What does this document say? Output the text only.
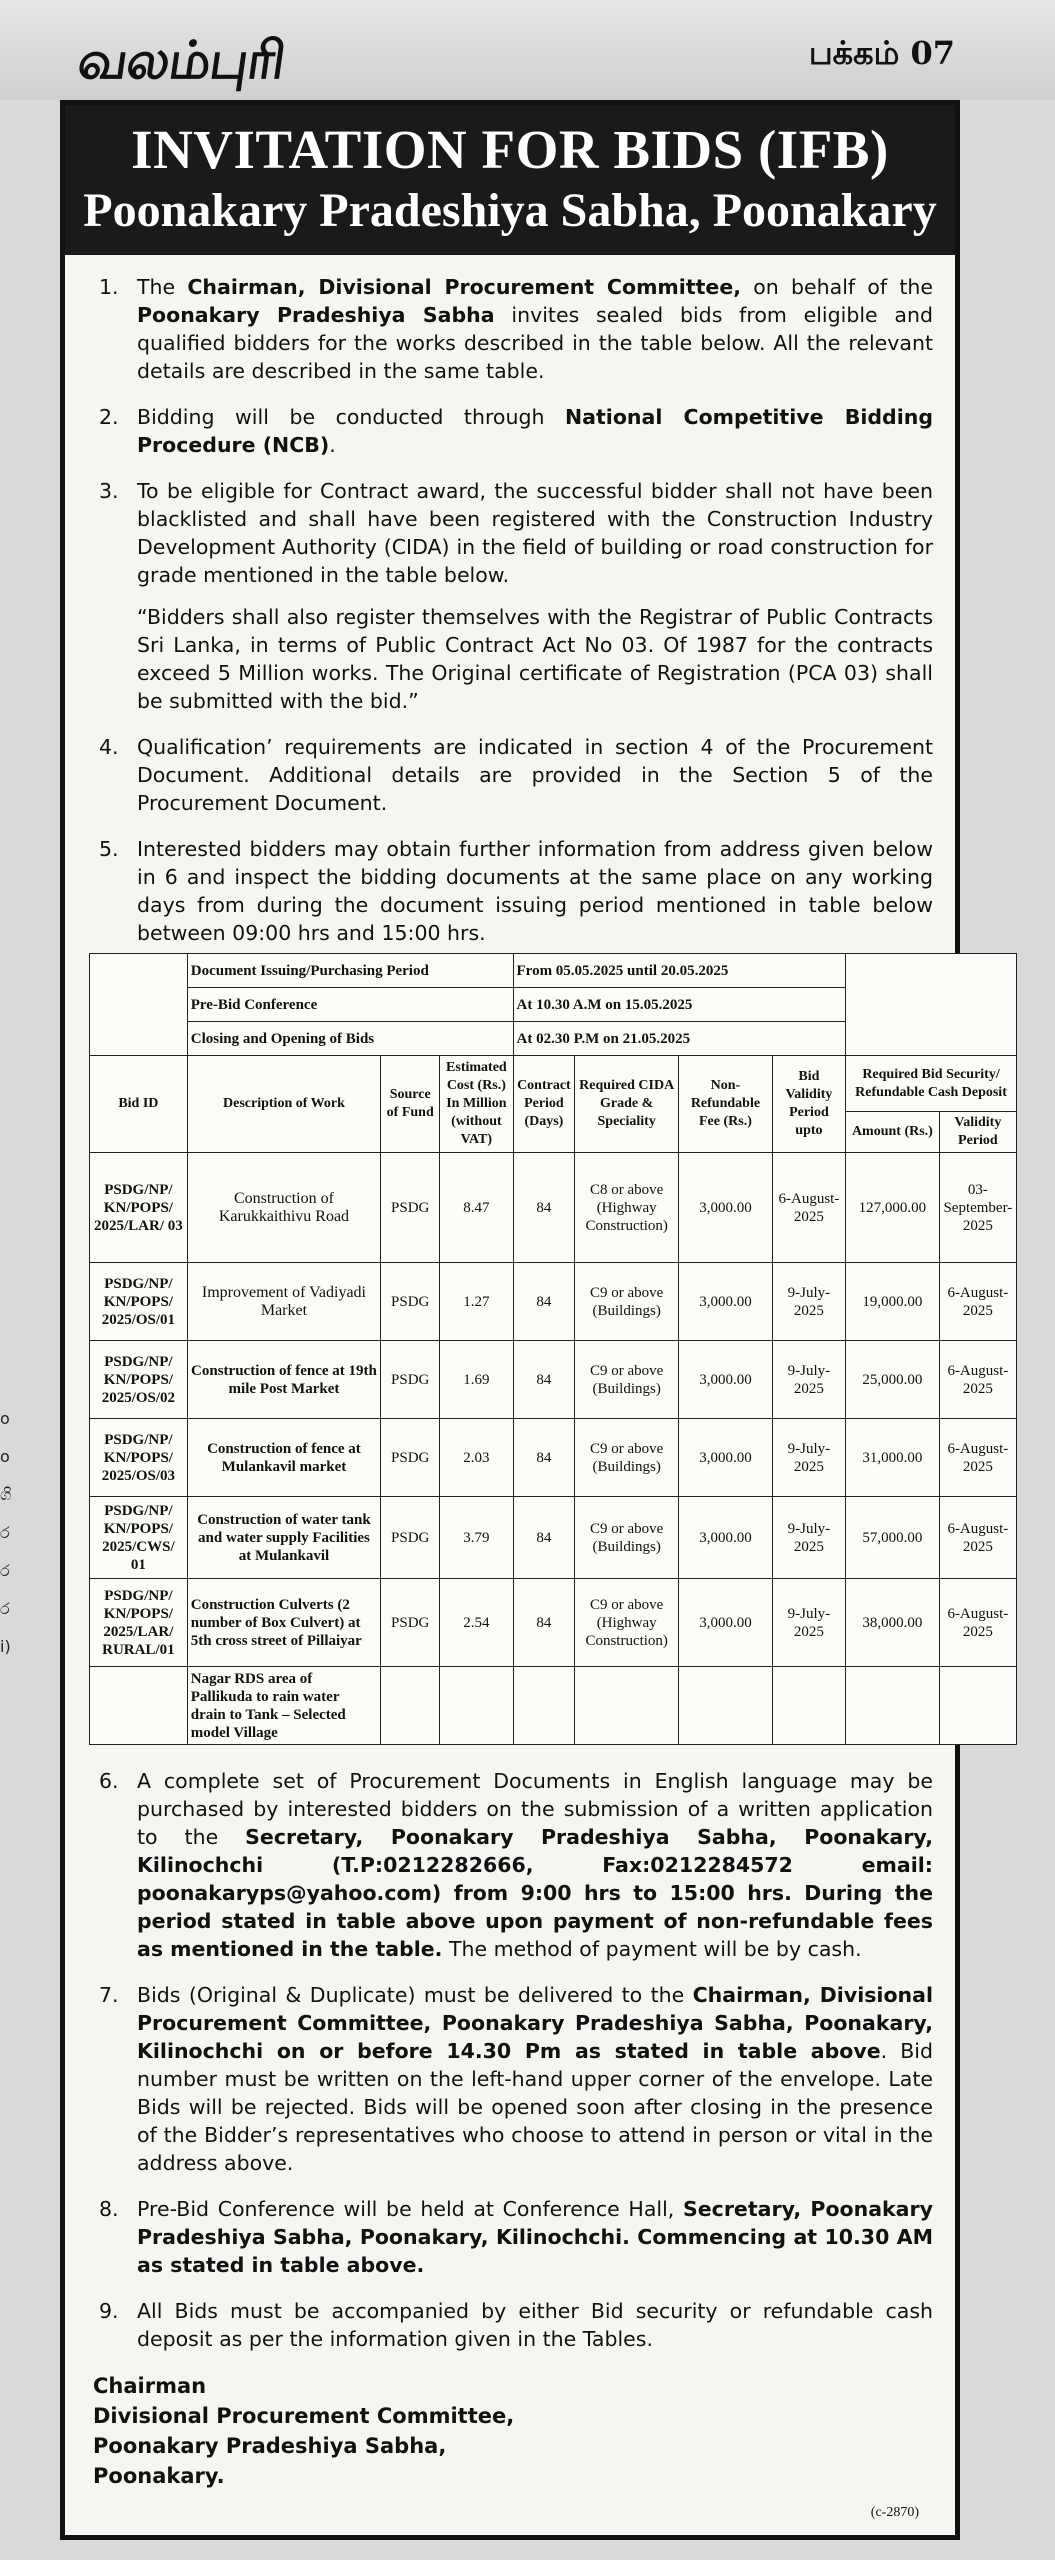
வலம்புரி	பக்கம் 07
o
o
ගි
ර
ර
ර
i)
INVITATION FOR BIDS (IFB)
Poonakary Pradeshiya Sabha, Poonakary
1. The Chairman, Divisional Procurement Committee, on behalf of the Poonakary Pradeshiya Sabha invites sealed bids from eligible and qualified bidders for the works described in the table below. All the relevant details are described in the same table.
2. Bidding will be conducted through National Competitive Bidding Procedure (NCB).
3. To be eligible for Contract award, the successful bidder shall not have been blacklisted and shall have been registered with the Construction Industry Development Authority (CIDA) in the field of building or road construction for grade mentioned in the table below.
“Bidders shall also register themselves with the Registrar of Public Contracts Sri Lanka, in terms of Public Contract Act No 03. Of 1987 for the contracts exceed 5 Million works. The Original certificate of Registration (PCA 03) shall be submitted with the bid.”
4. Qualification’ requirements are indicated in section 4 of the Procurement Document. Additional details are provided in the Section 5 of the Procurement Document.
5. Interested bidders may obtain further information from address given below in 6 and inspect the bidding documents at the same place on any working days from during the document issuing period mentioned in table below between 09:00 hrs and 15:00 hrs.
	Document Issuing/Purchasing Period			From 05.05.2025 until 20.05.2025					
	Pre-Bid Conference			At 10.30 A.M on 15.05.2025					
	Closing and Opening of Bids			At 02.30 P.M on 21.05.2025					
Bid ID	Description of Work	Source of Fund	Estimated Cost (Rs.) In Million (without VAT)	Contract Period (Days)	Required CIDA Grade & Speciality	Non-Refundable Fee (Rs.)	Bid Validity Period upto	Required Bid Security/ Refundable Cash Deposit	
								Amount (Rs.)	Validity Period
PSDG/NP/ KN/POPS/ 2025/LAR/ 03	Construction of Karukkaithivu Road	PSDG	8.47	84	C8 or above (Highway Construction)	3,000.00	6-August-2025	127,000.00	03-September-2025
PSDG/NP/ KN/POPS/ 2025/OS/01	Improvement of Vadiyadi Market	PSDG	1.27	84	C9 or above (Buildings)	3,000.00	9-July-2025	19,000.00	6-August-2025
PSDG/NP/ KN/POPS/ 2025/OS/02	Construction of fence at 19th mile Post Market	PSDG	1.69	84	C9 or above (Buildings)	3,000.00	9-July-2025	25,000.00	6-August-2025
PSDG/NP/ KN/POPS/ 2025/OS/03	Construction of fence at Mulankavil market	PSDG	2.03	84	C9 or above (Buildings)	3,000.00	9-July-2025	31,000.00	6-August-2025
PSDG/NP/ KN/POPS/ 2025/CWS/ 01	Construction of water tank and water supply Facilities at Mulankavil	PSDG	3.79	84	C9 or above (Buildings)	3,000.00	9-July-2025	57,000.00	6-August-2025
PSDG/NP/ KN/POPS/ 2025/LAR/ RURAL/01	Construction Culverts (2 number of Box Culvert) at 5th cross street of Pillaiyar	PSDG	2.54	84	C9 or above (Highway Construction)	3,000.00	9-July-2025	38,000.00	6-August-2025
	Nagar RDS area of Pallikuda to rain water drain to Tank – Selected model Village								
6. A complete set of Procurement Documents in English language may be purchased by interested bidders on the submission of a written application to the Secretary, Poonakary Pradeshiya Sabha, Poonakary, Kilinochchi (T.P:0212282666, Fax:0212284572 email: poonakaryps@yahoo.com) from 9:00 hrs to 15:00 hrs. During the period stated in table above upon payment of non-refundable fees as mentioned in the table. The method of payment will be by cash.
7. Bids (Original & Duplicate) must be delivered to the Chairman, Divisional Procurement Committee, Poonakary Pradeshiya Sabha, Poonakary, Kilinochchi on or before 14.30 Pm as stated in table above. Bid number must be written on the left-hand upper corner of the envelope. Late Bids will be rejected. Bids will be opened soon after closing in the presence of the Bidder’s representatives who choose to attend in person or vital in the address above.
8. Pre-Bid Conference will be held at Conference Hall, Secretary, Poonakary Pradeshiya Sabha, Poonakary, Kilinochchi. Commencing at 10.30 AM as stated in table above.
9. All Bids must be accompanied by either Bid security or refundable cash deposit as per the information given in the Tables.
Chairman
Divisional Procurement Committee,
Poonakary Pradeshiya Sabha,
Poonakary.
(c-2870)
